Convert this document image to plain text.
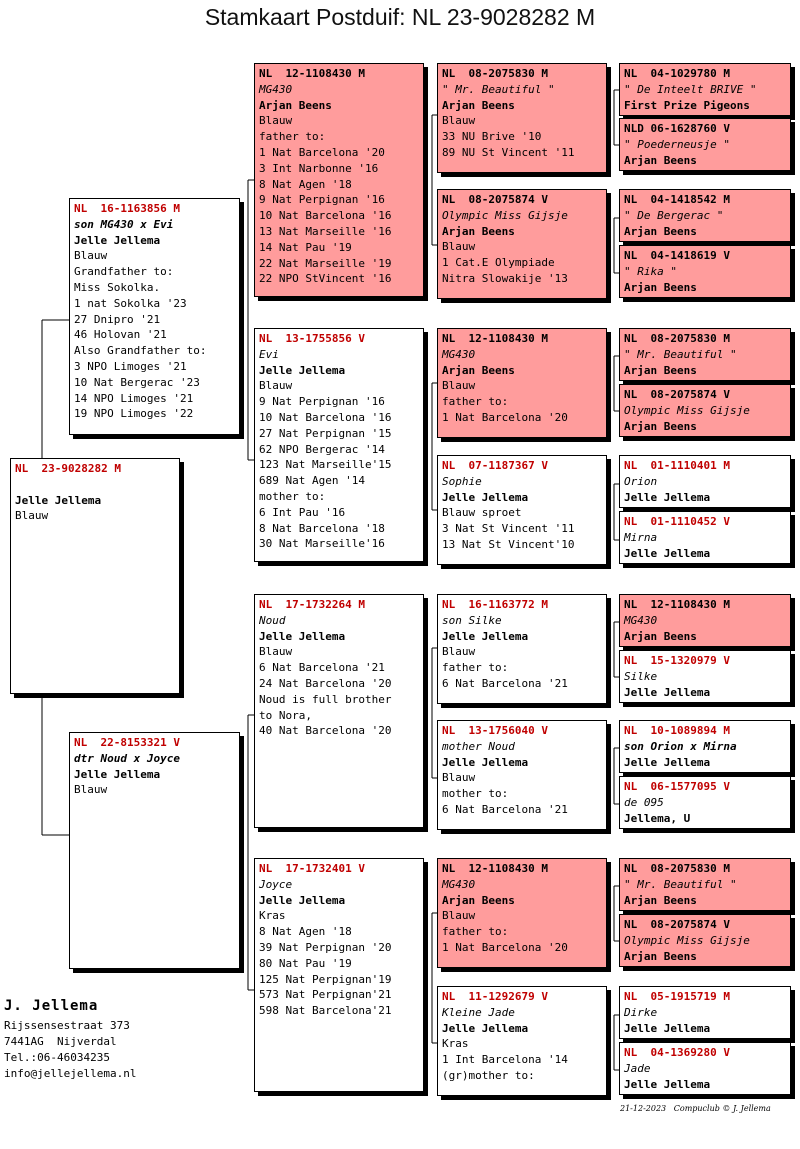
Stamkaart Postduif: NL 23-9028282 M
NL  23-9028282 M

Jelle Jellema
Blauw
NL  16-1163856 M
son MG430 x Evi
Jelle Jellema
Blauw
Grandfather to:
Miss Sokolka.
1 nat Sokolka '23
27 Dnipro '21
46 Holovan '21
Also Grandfather to:
3 NPO Limoges '21
10 Nat Bergerac '23
14 NPO Limoges '21
19 NPO Limoges '22
NL  22-8153321 V
dtr Noud x Joyce
Jelle Jellema
Blauw
NL  12-1108430 M
MG430
Arjan Beens
Blauw
father to:
1 Nat Barcelona '20
3 Int Narbonne '16
8 Nat Agen '18
9 Nat Perpignan '16
10 Nat Barcelona '16
13 Nat Marseille '16
14 Nat Pau '19
22 Nat Marseille '19
22 NPO StVincent '16
NL  13-1755856 V
Evi
Jelle Jellema
Blauw
9 Nat Perpignan '16
10 Nat Barcelona '16
27 Nat Perpignan '15
62 NPO Bergerac '14
123 Nat Marseille'15
689 Nat Agen '14
mother to:
6 Int Pau '16
8 Nat Barcelona '18
30 Nat Marseille'16
NL  17-1732264 M
Noud
Jelle Jellema
Blauw
6 Nat Barcelona '21
24 Nat Barcelona '20
Noud is full brother
to Nora,
40 Nat Barcelona '20
NL  17-1732401 V
Joyce
Jelle Jellema
Kras
8 Nat Agen '18
39 Nat Perpignan '20
80 Nat Pau '19
125 Nat Perpignan'19
573 Nat Perpignan'21
598 Nat Barcelona'21
NL  08-2075830 M
" Mr. Beautiful "
Arjan Beens
Blauw
33 NU Brive '10
89 NU St Vincent '11
NL  08-2075874 V
Olympic Miss Gijsje
Arjan Beens
Blauw
1 Cat.E Olympiade
Nitra Slowakije '13
NL  12-1108430 M
MG430
Arjan Beens
Blauw
father to:
1 Nat Barcelona '20
NL  07-1187367 V
Sophie
Jelle Jellema
Blauw sproet
3 Nat St Vincent '11
13 Nat St Vincent'10
NL  16-1163772 M
son Silke
Jelle Jellema
Blauw
father to:
6 Nat Barcelona '21
NL  13-1756040 V
mother Noud
Jelle Jellema
Blauw
mother to:
6 Nat Barcelona '21
NL  12-1108430 M
MG430
Arjan Beens
Blauw
father to:
1 Nat Barcelona '20
NL  11-1292679 V
Kleine Jade
Jelle Jellema
Kras
1 Int Barcelona '14
(gr)mother to:
NL  04-1029780 M
" De Inteelt BRIVE "
First Prize Pigeons
NLD 06-1628760 V
" Poederneusje "
Arjan Beens
NL  04-1418542 M
" De Bergerac "
Arjan Beens
NL  04-1418619 V
" Rika "
Arjan Beens
NL  08-2075830 M
" Mr. Beautiful "
Arjan Beens
NL  08-2075874 V
Olympic Miss Gijsje
Arjan Beens
NL  01-1110401 M
Orion
Jelle Jellema
NL  01-1110452 V
Mirna
Jelle Jellema
NL  12-1108430 M
MG430
Arjan Beens
NL  15-1320979 V
Silke
Jelle Jellema
NL  10-1089894 M
son Orion x Mirna
Jelle Jellema
NL  06-1577095 V
de 095
Jellema, U
NL  08-2075830 M
" Mr. Beautiful "
Arjan Beens
NL  08-2075874 V
Olympic Miss Gijsje
Arjan Beens
NL  05-1915719 M
Dirke
Jelle Jellema
NL  04-1369280 V
Jade
Jelle Jellema
J. Jellema
Rijssensestraat 373
7441AG  Nijverdal
Tel.:06-46034235
info@jellejellema.nl
21-12-2023   Compuclub © J. Jellema
